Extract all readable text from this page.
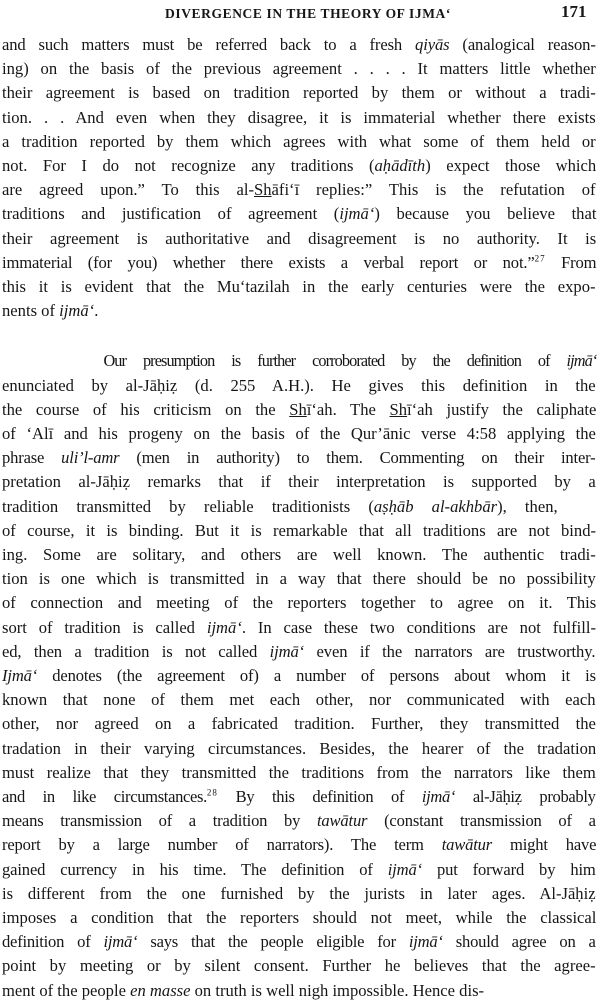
DIVERGENCE IN THE THEORY OF IJMA‘	171
and such matters must be referred back to a fresh qiyās (analogical reason-
ing) on the basis of the previous agreement . . . . It matters little whether
their agreement is based on tradition reported by them or without a tradi-
tion. . . And even when they disagree, it is immaterial whether there exists
a tradition reported by them which agrees with what some of them held or
not. For I do not recognize any traditions (aḥādīth) expect those which
are agreed upon.” To this al-Shāfi‘ī replies:” This is the refutation of
traditions and justification of agreement (ijmā‘) because you believe that
their agreement is authoritative and disagreement is no authority. It is
immaterial (for you) whether there exists a verbal report or not.”$^{27}$ From
this it is evident that the Mu‘tazilah in the early centuries were the expo-
nents of ijmā‘.
Our presumption is further corroborated by the definition of ijmā‘
enunciated by al-Jāḥiẓ (d. 255 A.H.). He gives this definition in the
the course of his criticism on the Shī‘ah. The Shī‘ah justify the caliphate
of ‘Alī and his progeny on the basis of the Qur’ānic verse 4:58 applying the
phrase uli’l-amr (men in authority) to them. Commenting on their inter-
pretation al-Jāḥiẓ remarks that if their interpretation is supported by a
tradition transmitted by reliable traditionists (aṣḥāb al-akhbār), then,
of course, it is binding. But it is remarkable that all traditions are not bind-
ing. Some are solitary, and others are well known. The authentic tradi-
tion is one which is transmitted in a way that there should be no possibility
of connection and meeting of the reporters together to agree on it. This
sort of tradition is called ijmā‘. In case these two conditions are not fulfill-
ed, then a tradition is not called ijmā‘ even if the narrators are trustworthy.
Ijmā‘ denotes (the agreement of) a number of persons about whom it is
known that none of them met each other, nor communicated with each
other, nor agreed on a fabricated tradition. Further, they transmitted the
tradation in their varying circumstances. Besides, the hearer of the tradation
must realize that they transmitted the traditions from the narrators like them
and in like circumstances.$^{28}$ By this definition of ijmā‘ al-Jāḥiẓ probably
means transmission of a tradition by tawātur (constant transmission of a
report by a large number of narrators). The term tawātur might have
gained currency in his time. The definition of ijmā‘ put forward by him
is different from the one furnished by the jurists in later ages. Al-Jāḥiẓ
imposes a condition that the reporters should not meet, while the classical
definition of ijmā‘ says that the people eligible for ijmā‘ should agree on a
point by meeting or by silent consent. Further he believes that the agree-
ment of the people en masse on truth is well nigh impossible. Hence dis-
